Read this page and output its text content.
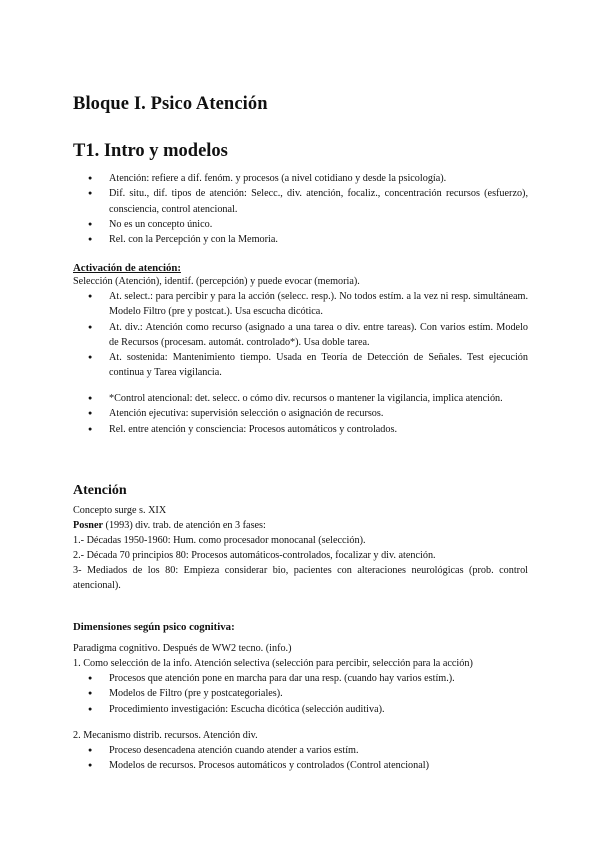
Bloque I. Psico Atención
T1. Intro y modelos
● Atención: refiere a dif. fenóm. y procesos (a nivel cotidiano y desde la psicología).
● Dif. situ., dif. tipos de atención: Selecc., div. atención, focaliz., concentración recursos (esfuerzo), consciencia, control atencional.
● No es un concepto único.
● Rel. con la Percepción y con la Memoria.
Activación de atención:
Selección (Atención), identif. (percepción) y puede evocar (memoria).
● At. select.: para percibir y para la acción (selecc. resp.). No todos estím. a la vez ni resp. simultáneam. Modelo Filtro (pre y postcat.). Usa escucha dicótica.
● At. div.: Atención como recurso (asignado a una tarea o div. entre tareas). Con varios estím. Modelo de Recursos (procesam. automát. controlado*). Usa doble tarea.
● At. sostenida: Mantenimiento tiempo. Usada en Teoría de Detección de Señales. Test ejecución continua y Tarea vigilancia.
● *Control atencional: det. selecc. o cómo div. recursos o mantener la vigilancia, implica atención.
● Atención ejecutiva: supervisión selección o asignación de recursos.
● Rel. entre atención y consciencia: Procesos automáticos y controlados.
Atención
Concepto surge s. XIX
Posner (1993) div. trab. de atención en 3 fases:
1.- Décadas 1950-1960: Hum. como procesador monocanal (selección).
2.- Década 70 principios 80: Procesos automáticos-controlados, focalizar y div. atención.
3- Mediados de los 80: Empieza considerar bio, pacientes con alteraciones neurológicas (prob. control
atencional).
Dimensiones según psico cognitiva:
Paradigma cognitivo. Después de WW2 tecno. (info.)
1. Como selección de la info. Atención selectiva (selección para percibir, selección para la acción)
● Procesos que atención pone en marcha para dar una resp. (cuando hay varios estím.).
● Modelos de Filtro (pre y postcategoriales).
● Procedimiento investigación: Escucha dicótica (selección auditiva).
2. Mecanismo distrib. recursos. Atención div.
● Proceso desencadena atención cuando atender a varios estím.
● Modelos de recursos. Procesos automáticos y controlados (Control atencional)
